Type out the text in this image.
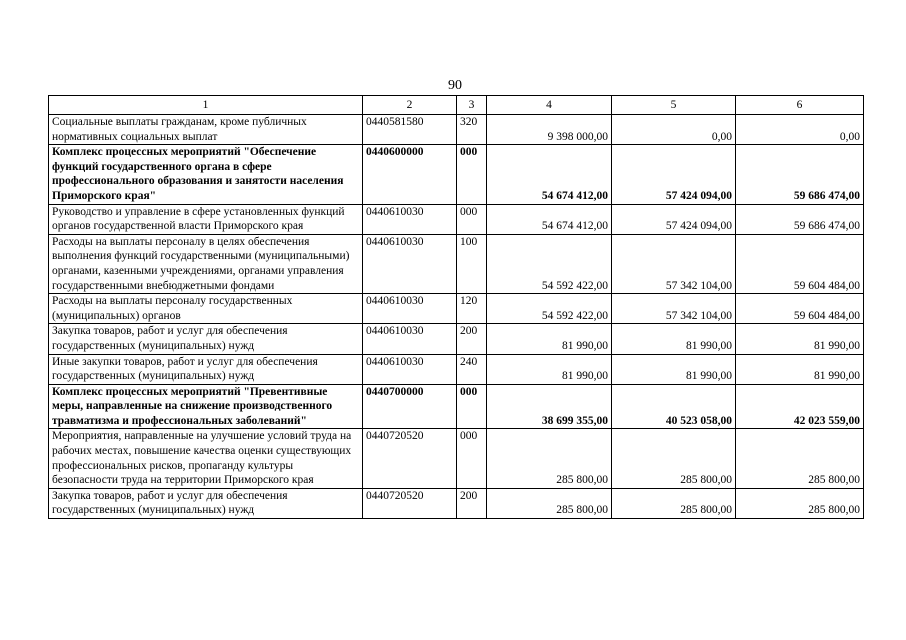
90
1	2	3	4	5	6
Социальные выплаты гражданам, кроме публичных нормативных социальных выплат	0440581580	320	9 398 000,00	0,00	0,00
Комплекс процессных мероприятий "Обеспечение функций государственного органа в сфере профессионального образования и занятости населения Приморского края"	0440600000	000	54 674 412,00	57 424 094,00	59 686 474,00
Руководство и управление в сфере установленных функций органов государственной власти Приморского края	0440610030	000	54 674 412,00	57 424 094,00	59 686 474,00
Расходы на выплаты персоналу в целях обеспечения выполнения функций государственными (муниципальными) органами, казенными учреждениями, органами управления государственными внебюджетными фондами	0440610030	100	54 592 422,00	57 342 104,00	59 604 484,00
Расходы на выплаты персоналу государственных (муниципальных) органов	0440610030	120	54 592 422,00	57 342 104,00	59 604 484,00
Закупка товаров, работ и услуг для обеспечения государственных (муниципальных) нужд	0440610030	200	81 990,00	81 990,00	81 990,00
Иные закупки товаров, работ и услуг для обеспечения государственных (муниципальных) нужд	0440610030	240	81 990,00	81 990,00	81 990,00
Комплекс процессных мероприятий "Превентивные меры, направленные на снижение производственного травматизма и профессиональных заболеваний"	0440700000	000	38 699 355,00	40 523 058,00	42 023 559,00
Мероприятия, направленные на улучшение условий труда на рабочих местах, повышение качества оценки существующих профессиональных рисков, пропаганду культуры безопасности труда на территории Приморского края	0440720520	000	285 800,00	285 800,00	285 800,00
Закупка товаров, работ и услуг для обеспечения государственных (муниципальных) нужд	0440720520	200	285 800,00	285 800,00	285 800,00
